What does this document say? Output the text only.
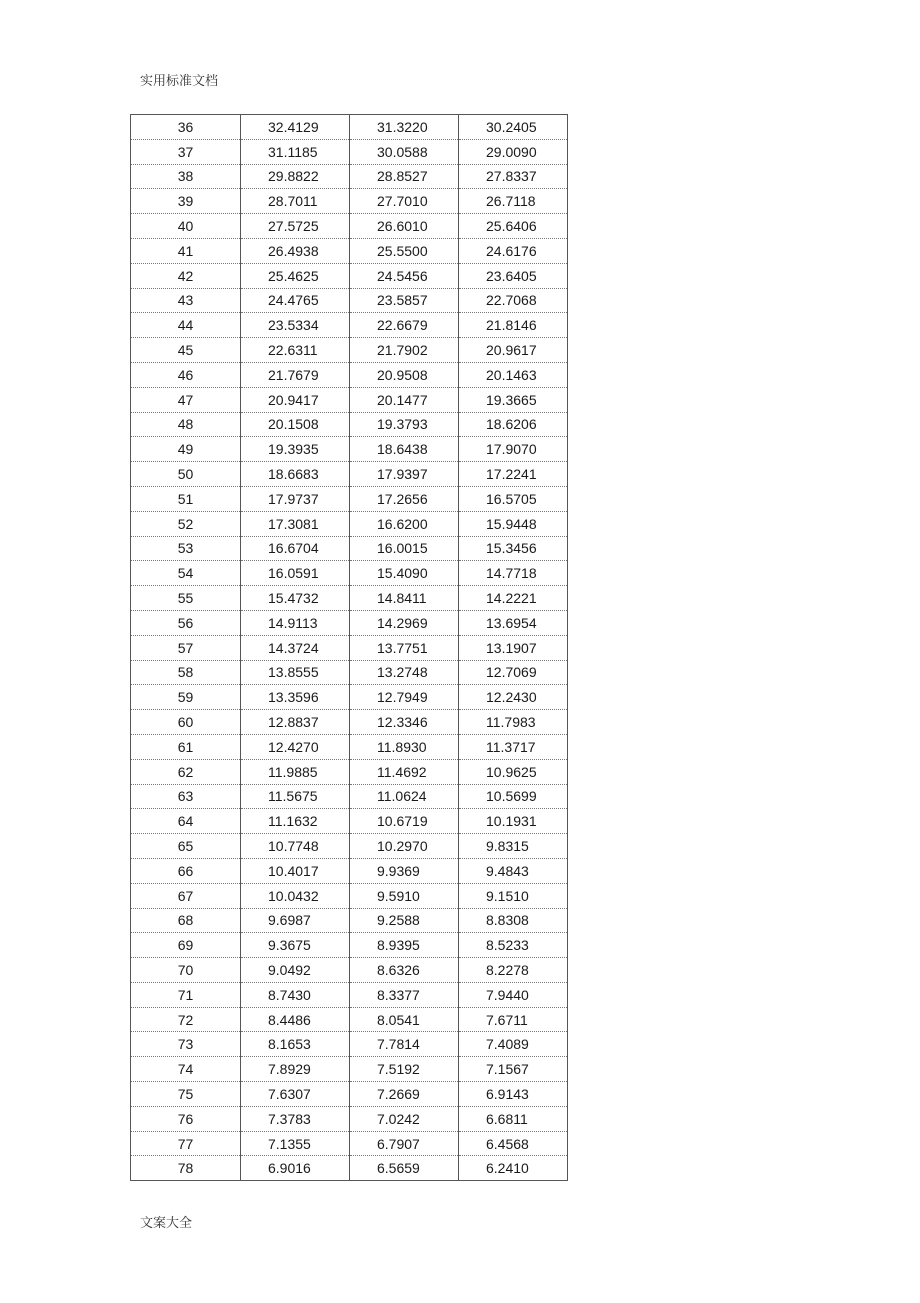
实用标准文档
36	32.4129	31.3220	30.2405
37	31.1185	30.0588	29.0090
38	29.8822	28.8527	27.8337
39	28.7011	27.7010	26.7118
40	27.5725	26.6010	25.6406
41	26.4938	25.5500	24.6176
42	25.4625	24.5456	23.6405
43	24.4765	23.5857	22.7068
44	23.5334	22.6679	21.8146
45	22.6311	21.7902	20.9617
46	21.7679	20.9508	20.1463
47	20.9417	20.1477	19.3665
48	20.1508	19.3793	18.6206
49	19.3935	18.6438	17.9070
50	18.6683	17.9397	17.2241
51	17.9737	17.2656	16.5705
52	17.3081	16.6200	15.9448
53	16.6704	16.0015	15.3456
54	16.0591	15.4090	14.7718
55	15.4732	14.8411	14.2221
56	14.9113	14.2969	13.6954
57	14.3724	13.7751	13.1907
58	13.8555	13.2748	12.7069
59	13.3596	12.7949	12.2430
60	12.8837	12.3346	11.7983
61	12.4270	11.8930	11.3717
62	11.9885	11.4692	10.9625
63	11.5675	11.0624	10.5699
64	11.1632	10.6719	10.1931
65	10.7748	10.2970	9.8315
66	10.4017	9.9369	9.4843
67	10.0432	9.5910	9.1510
68	9.6987	9.2588	8.8308
69	9.3675	8.9395	8.5233
70	9.0492	8.6326	8.2278
71	8.7430	8.3377	7.9440
72	8.4486	8.0541	7.6711
73	8.1653	7.7814	7.4089
74	7.8929	7.5192	7.1567
75	7.6307	7.2669	6.9143
76	7.3783	7.0242	6.6811
77	7.1355	6.7907	6.4568
78	6.9016	6.5659	6.2410
文案大全
